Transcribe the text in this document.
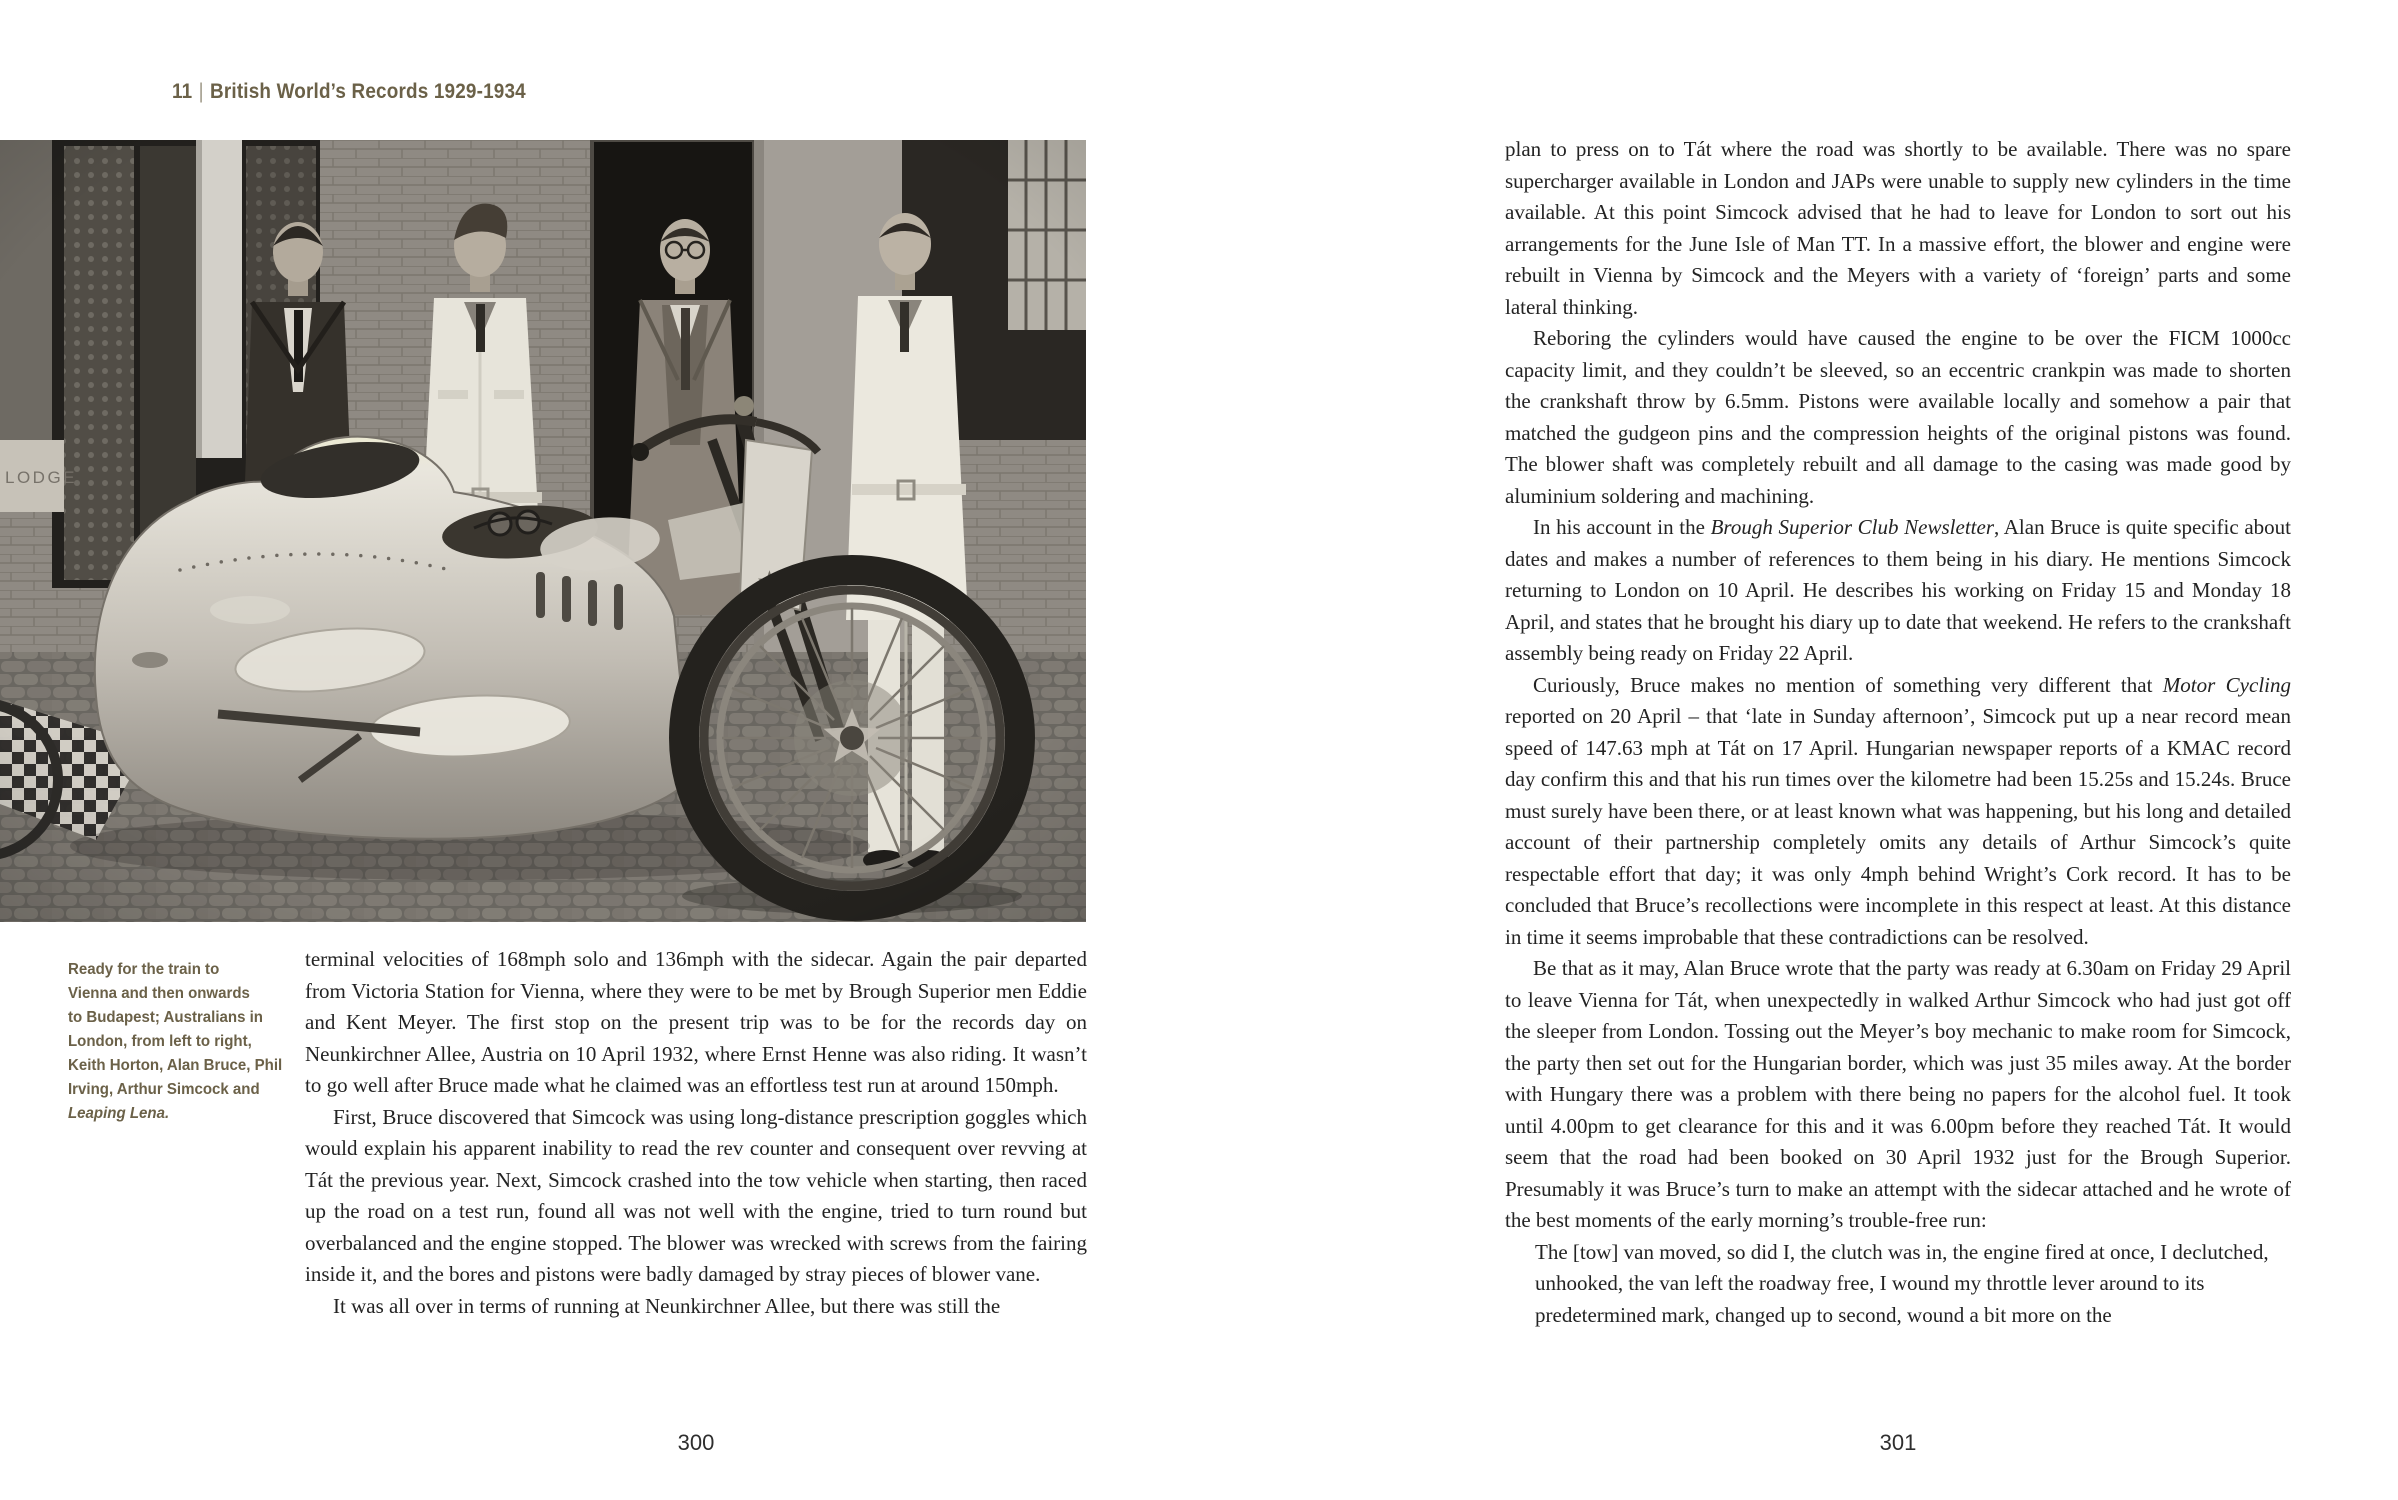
11 | British World’s Records 1929-1934
Ready for the train to
Vienna and then onwards
to Budapest; Australians in
London, from left to right,
Keith Horton, Alan Bruce, Phil
Irving, Arthur Simcock and
Leaping Lena.

terminal velocities of 168mph solo and 136mph with the sidecar. Again the pair departed from Victoria Station for Vienna, where they were to be met by Brough Superior men Eddie and Kent Meyer. The first stop on the present trip was to be for the records day on Neunkirchner Allee, Austria on 10 April 1932, where Ernst Henne was also riding. It wasn’t to go well after Bruce made what he claimed was an effortless test run at around 150mph.

First, Bruce discovered that Simcock was using long-distance prescription goggles which would explain his apparent inability to read the rev counter and consequent over revving at Tát the previous year. Next, Simcock crashed into the tow vehicle when starting, then raced up the road on a test run, found all was not well with the engine, tried to turn round but overbalanced and the engine stopped. The blower was wrecked with screws from the fairing inside it, and the bores and pistons were badly damaged by stray pieces of blower vane.

It was all over in terms of running at Neunkirchner Allee, but there was still the

300

plan to press on to Tát where the road was shortly to be available. There was no spare supercharger available in London and JAPs were unable to supply new cylinders in the time available. At this point Simcock advised that he had to leave for London to sort out his arrangements for the June Isle of Man TT. In a massive effort, the blower and engine were rebuilt in Vienna by Simcock and the Meyers with a variety of ‘foreign’ parts and some lateral thinking.

Reboring the cylinders would have caused the engine to be over the FICM 1000cc capacity limit, and they couldn’t be sleeved, so an eccentric crankpin was made to shorten the crankshaft throw by 6.5mm. Pistons were available locally and somehow a pair that matched the gudgeon pins and the compression heights of the original pistons was found. The blower shaft was completely rebuilt and all damage to the casing was made good by aluminium soldering and machining.

In his account in the Brough Superior Club Newsletter, Alan Bruce is quite specific about dates and makes a number of references to them being in his diary. He mentions Simcock returning to London on 10 April. He describes his working on Friday 15 and Monday 18 April, and states that he brought his diary up to date that weekend. He refers to the crankshaft assembly being ready on Friday 22 April.

Curiously, Bruce makes no mention of something very different that Motor Cycling reported on 20 April – that ‘late in Sunday afternoon’, Simcock put up a near record mean speed of 147.63 mph at Tát on 17 April. Hungarian newspaper reports of a KMAC record day confirm this and that his run times over the kilometre had been 15.25s and 15.24s. Bruce must surely have been there, or at least known what was happening, but his long and detailed account of their partnership completely omits any details of Arthur Simcock’s quite respectable effort that day; it was only 4mph behind Wright’s Cork record. It has to be concluded that Bruce’s recollections were incomplete in this respect at least. At this distance in time it seems improbable that these contradictions can be resolved.

Be that as it may, Alan Bruce wrote that the party was ready at 6.30am on Friday 29 April to leave Vienna for Tát, when unexpectedly in walked Arthur Simcock who had just got off the sleeper from London. Tossing out the Meyer’s boy mechanic to make room for Simcock, the party then set out for the Hungarian border, which was just 35 miles away. At the border with Hungary there was a problem with there being no papers for the alcohol fuel. It took until 4.00pm to get clearance for this and it was 6.00pm before they reached Tát. It would seem that the road had been booked on 30 April 1932 just for the Brough Superior. Presumably it was Bruce’s turn to make an attempt with the sidecar attached and he wrote of the best moments of the early morning’s trouble-free run:

The [tow] van moved, so did I, the clutch was in, the engine fired at once, I declutched, unhooked, the van left the roadway free, I wound my throttle lever around to its predetermined mark, changed up to second, wound a bit more on the

301
